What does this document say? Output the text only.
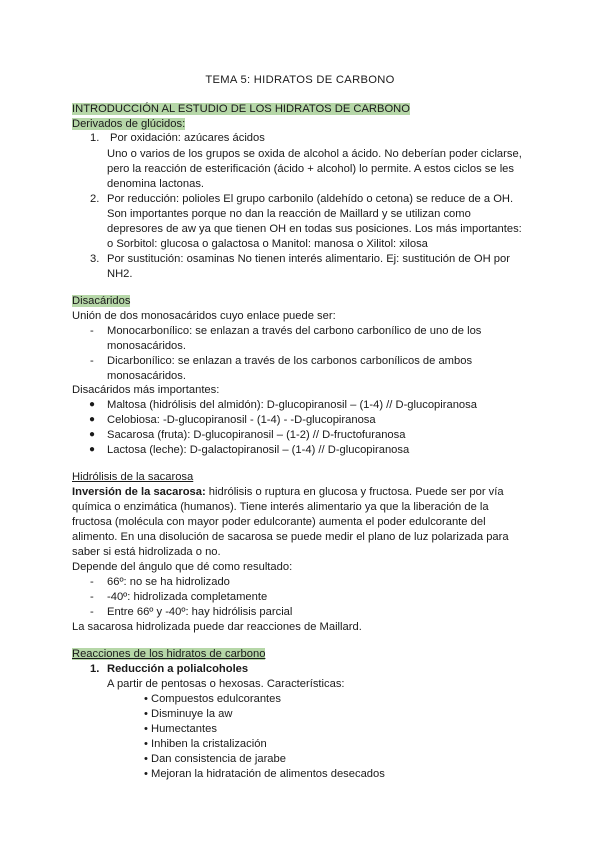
TEMA 5: HIDRATOS DE CARBONO
INTRODUCCIÓN AL ESTUDIO DE LOS HIDRATOS DE CARBONO
Derivados de glúcidos:
1. Por oxidación: azúcares ácidos
Uno o varios de los grupos se oxida de alcohol a ácido. No deberían poder ciclarse,
pero la reacción de esterificación (ácido + alcohol) lo permite. A estos ciclos se les
denomina lactonas.
2. Por reducción: polioles El grupo carbonilo (aldehído o cetona) se reduce de a OH.
Son importantes porque no dan la reacción de Maillard y se utilizan como
depresores de aw ya que tienen OH en todas sus posiciones. Los más importantes:
o Sorbitol: glucosa o galactosa o Manitol: manosa o Xilitol: xilosa
3. Por sustitución: osaminas No tienen interés alimentario. Ej: sustitución de OH por
NH2.
Disacáridos
Unión de dos monosacáridos cuyo enlace puede ser:
- Monocarbonílico: se enlazan a través del carbono carbonílico de uno de los
monosacáridos.
- Dicarbonílico: se enlazan a través de los carbonos carbonílicos de ambos
monosacáridos.
Disacáridos más importantes:
● Maltosa (hidrólisis del almidón): D-glucopiranosil – (1-4) // D-glucopiranosa
● Celobiosa: -D-glucopiranosil - (1-4) - -D-glucopiranosa
● Sacarosa (fruta): D-glucopiranosil – (1-2) // D-fructofuranosa
● Lactosa (leche): D-galactopiranosil – (1-4) // D-glucopiranosa
Hidrólisis de la sacarosa
Inversión de la sacarosa: hidrólisis o ruptura en glucosa y fructosa. Puede ser por vía
química o enzimática (humanos). Tiene interés alimentario ya que la liberación de la
fructosa (molécula con mayor poder edulcorante) aumenta el poder edulcorante del
alimento. En una disolución de sacarosa se puede medir el plano de luz polarizada para
saber si está hidrolizada o no.
Depende del ángulo que dé como resultado:
- 66º: no se ha hidrolizado
- -40º: hidrolizada completamente
- Entre 66º y -40º: hay hidrólisis parcial
La sacarosa hidrolizada puede dar reacciones de Maillard.
Reacciones de los hidratos de carbono
1. Reducción a polialcoholes
A partir de pentosas o hexosas. Características:
• Compuestos edulcorantes
• Disminuye la aw
• Humectantes
• Inhiben la cristalización
• Dan consistencia de jarabe
• Mejoran la hidratación de alimentos desecados
